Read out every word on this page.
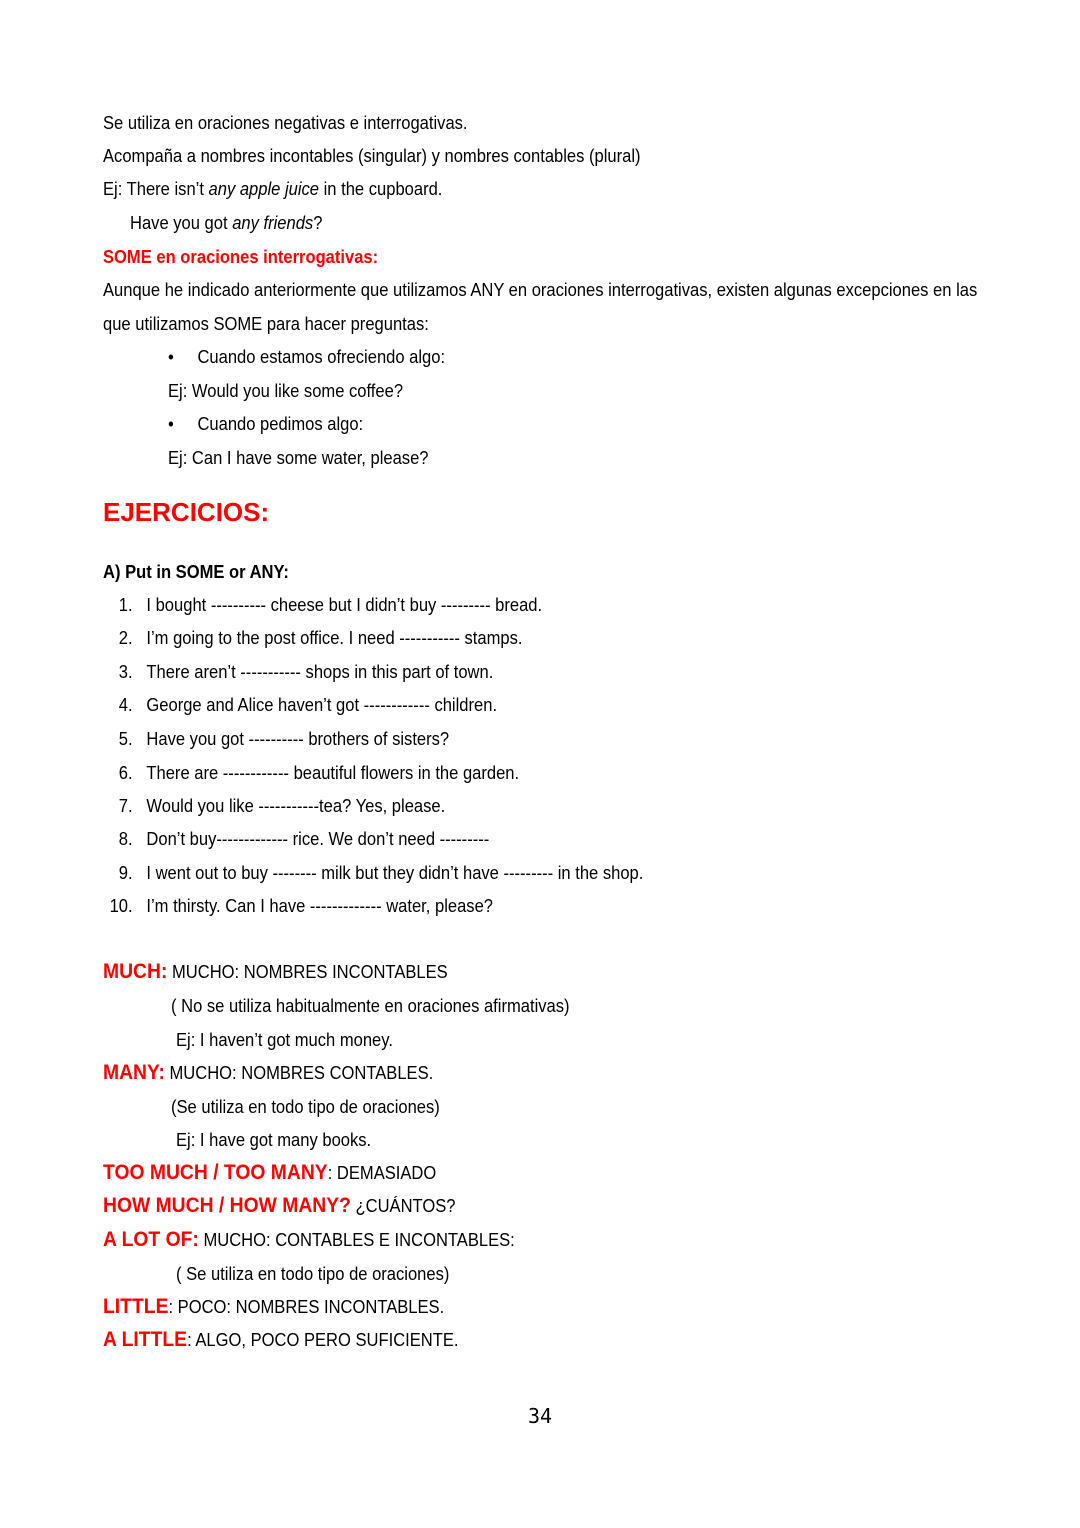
Se utiliza en oraciones negativas e interrogativas.
Acompaña a nombres incontables (singular) y nombres contables (plural)
Ej: There isn’t any apple juice in the cupboard.
Have you got any friends?
SOME en oraciones interrogativas:
Aunque he indicado anteriormente que utilizamos ANY en oraciones interrogativas, existen algunas excepciones en las
que utilizamos SOME para hacer preguntas:
• Cuando estamos ofreciendo algo:
Ej: Would you like some coffee?
• Cuando pedimos algo:
Ej: Can I have some water, please?
EJERCICIOS:
A) Put in SOME or ANY:
1. I bought ---------- cheese but I didn’t buy --------- bread.
2. I’m going to the post office. I need ----------- stamps.
3. There aren’t ----------- shops in this part of town.
4. George and Alice haven’t got ------------ children.
5. Have you got ---------- brothers of sisters?
6. There are ------------ beautiful flowers in the garden.
7. Would you like -----------tea? Yes, please.
8. Don’t buy------------- rice. We don’t need ---------
9. I went out to buy -------- milk but they didn’t have --------- in the shop.
10. I’m thirsty. Can I have ------------- water, please?
MUCH: MUCHO: NOMBRES INCONTABLES
( No se utiliza habitualmente en oraciones afirmativas)
Ej: I haven’t got much money.
MANY: MUCHO: NOMBRES CONTABLES.
(Se utiliza en todo tipo de oraciones)
Ej: I have got many books.
TOO MUCH / TOO MANY: DEMASIADO
HOW MUCH / HOW MANY? ¿CUÁNTOS?
A LOT OF: MUCHO: CONTABLES E INCONTABLES:
( Se utiliza en todo tipo de oraciones)
LITTLE: POCO: NOMBRES INCONTABLES.
A LITTLE: ALGO, POCO PERO SUFICIENTE.
34
